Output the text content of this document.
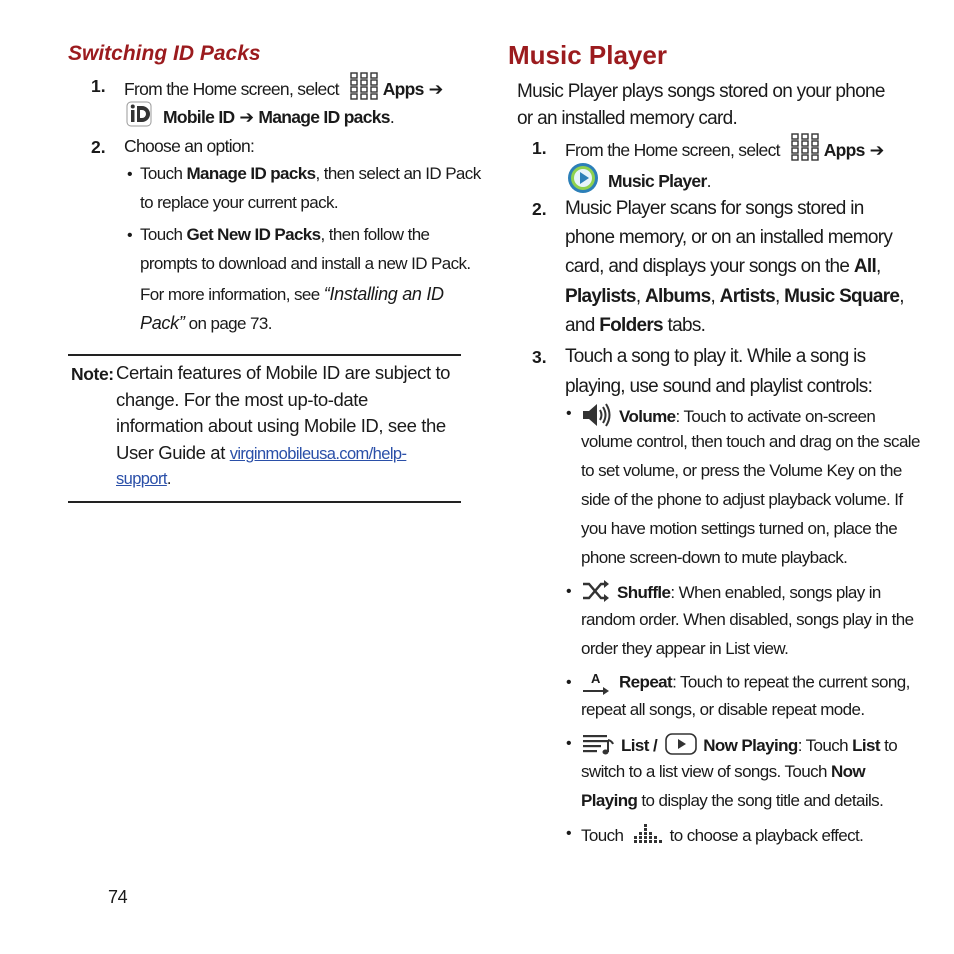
Switching ID Packs
1. From the Home screen, select	Apps ➔
Mobile ID ➔ Manage ID packs.
2. Choose an option:
• Touch Manage ID packs, then select an ID Pack
to replace your current pack.
• Touch Get New ID Packs, then follow the
prompts to download and install a new ID Pack.
For more information, see “Installing an ID
Pack” on page 73.
Note: Certain features of Mobile ID are subject to
change. For the most up-to-date
information about using Mobile ID, see the
User Guide at virginmobileusa.com/help-
support.
Music Player
Music Player plays songs stored on your phone
or an installed memory card.
1. From the Home screen, select	Apps ➔
Music Player.
2. Music Player scans for songs stored in
phone memory, or on an installed memory
card, and displays your songs on the All,
Playlists, Albums, Artists, Music Square,
and Folders tabs.
3. Touch a song to play it. While a song is
playing, use sound and playlist controls:
•	Volume: Touch to activate on-screen
volume control, then touch and drag on the scale
to set volume, or press the Volume Key on the
side of the phone to adjust playback volume. If
you have motion settings turned on, place the
phone screen-down to mute playback.
•	Shuffle: When enabled, songs play in
random order. When disabled, songs play in the
order they appear in List view.
• A Repeat: Touch to repeat the current song,
repeat all songs, or disable repeat mode.
•	List /	Now Playing: Touch List to
switch to a list view of songs. Touch Now
Playing to display the song title and details.
• Touch	to choose a playback effect.
74
